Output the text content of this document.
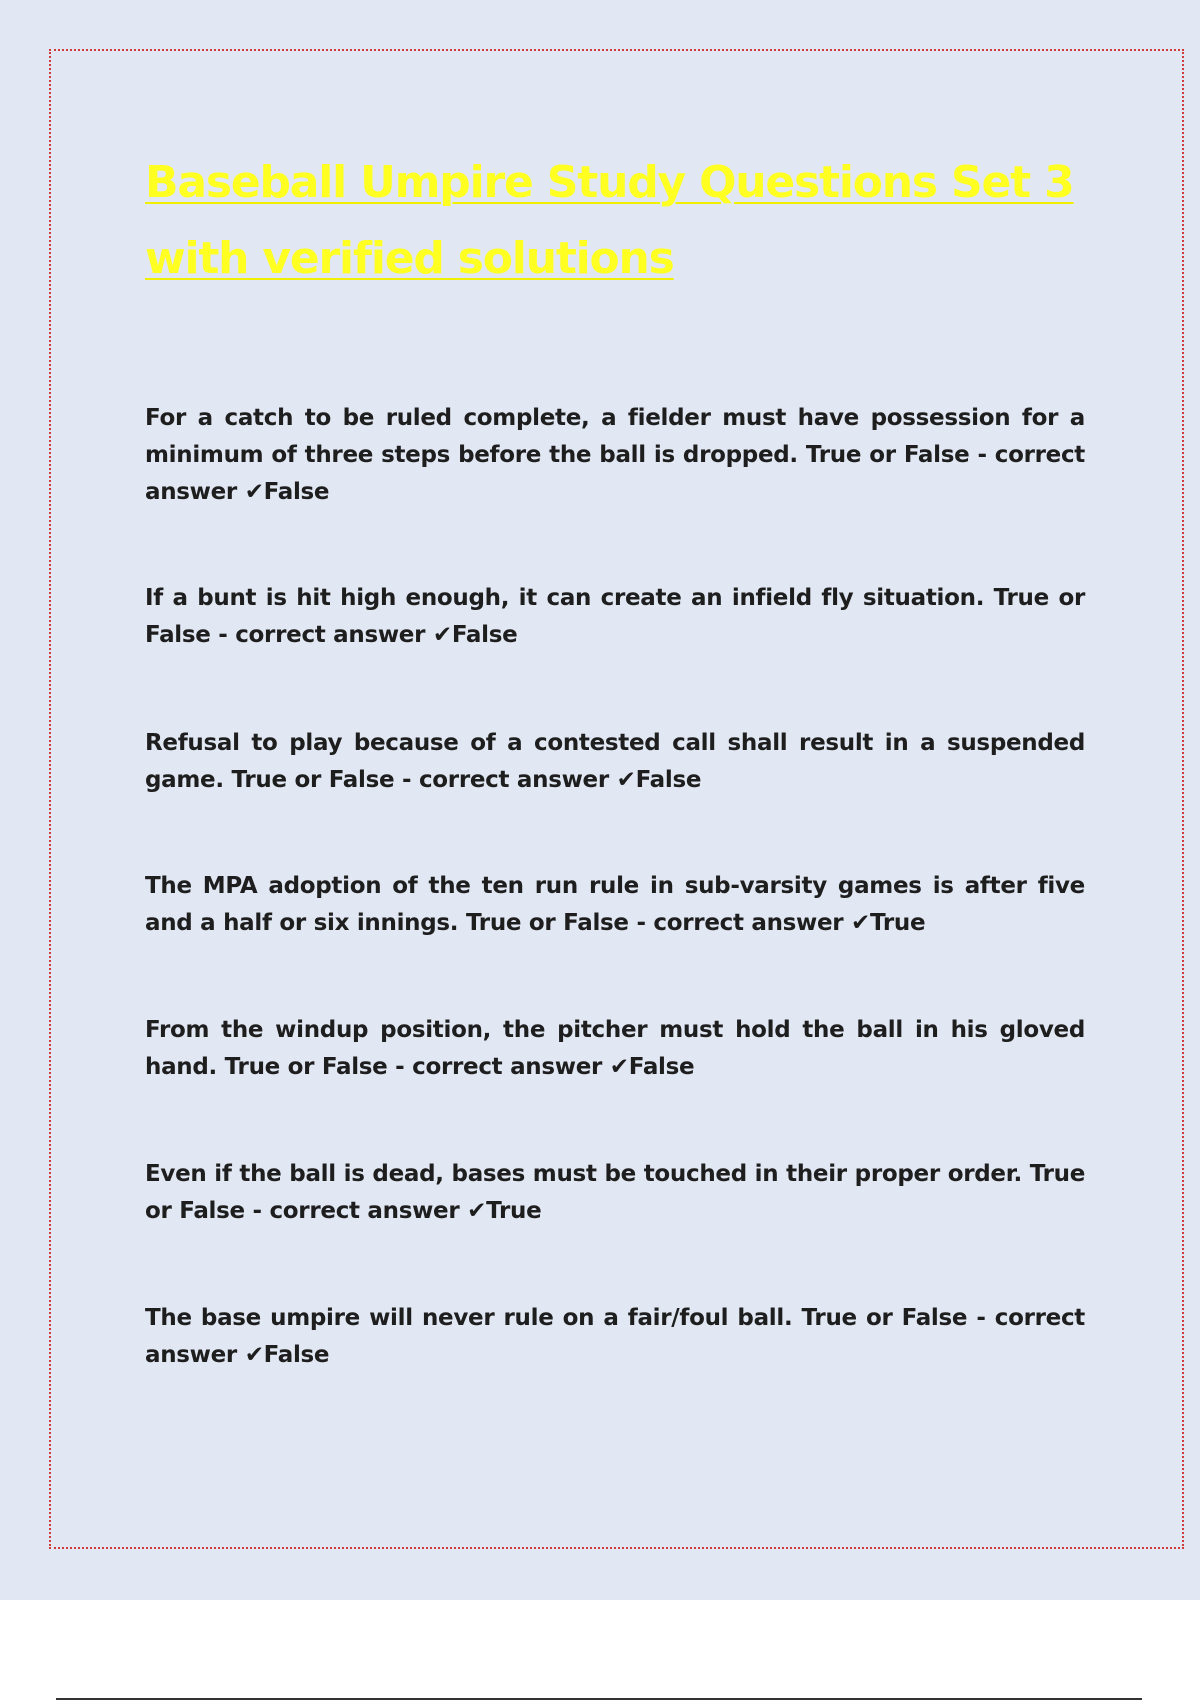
Baseball Umpire Study Questions Set 3 with verified solutions

For a catch to be ruled complete, a fielder must have possession for a minimum of three steps before the ball is dropped. True or False - correct answer ✔False

If a bunt is hit high enough, it can create an infield fly situation. True or False - correct answer ✔False

Refusal to play because of a contested call shall result in a suspended game. True or False - correct answer ✔False

The MPA adoption of the ten run rule in sub-varsity games is after five and a half or six innings. True or False - correct answer ✔True

From the windup position, the pitcher must hold the ball in his gloved hand. True or False - correct answer ✔False

Even if the ball is dead, bases must be touched in their proper order. True or False - correct answer ✔True

The base umpire will never rule on a fair/foul ball. True or False - correct answer ✔False
